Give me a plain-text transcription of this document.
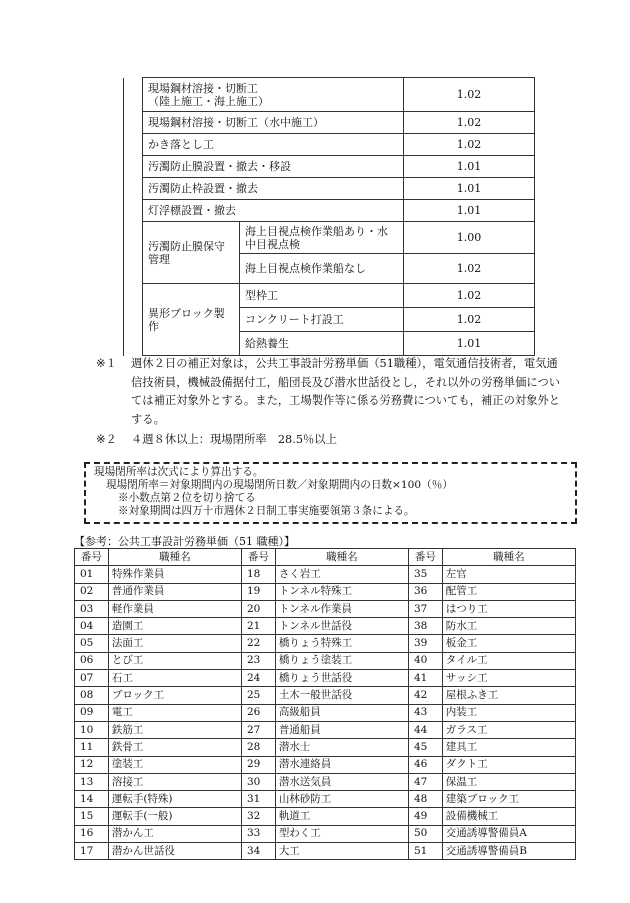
	現場鋼材溶接・切断工
（陸上施工・海上施工）		1.02
	現場鋼材溶接・切断工（水中施工）		1.02
	かき落とし工		1.02
	汚濁防止膜設置・撤去・移設		1.01
	汚濁防止枠設置・撤去		1.01
	灯浮標設置・撤去		1.01
	汚濁防止膜保守管理	海上目視点検作業船あり・水中目視点検	1.00
		海上目視点検作業船なし	1.02
	異形ブロック製作	型枠工	1.02
		コンクリート打設工	1.02
		給熱養生	1.01
※１ 週休２日の補正対象は，公共工事設計労務単価（51職種），電気通信技術者，電気通
信技術員，機械設備据付工，船団長及び潜水世話役とし，それ以外の労務単価につい
ては補正対象外とする。また，工場製作等に係る労務費についても，補正の対象外と
する。
※２ ４週８休以上：現場閉所率　28.5％以上
現場閉所率は次式により算出する。
現場閉所率＝対象期間内の現場閉所日数／対象期間内の日数×100（％）
※小数点第２位を切り捨てる
※対象期間は四万十市週休２日制工事実施要領第３条による。
【参考：公共工事設計労務単価（51 職種）】
番号	職種名	番号	職種名	番号	職種名
01	特殊作業員	18	さく岩工	35	左官
02	普通作業員	19	トンネル特殊工	36	配管工
03	軽作業員	20	トンネル作業員	37	はつり工
04	造園工	21	トンネル世話役	38	防水工
05	法面工	22	橋りょう特殊工	39	板金工
06	とび工	23	橋りょう塗装工	40	タイル工
07	石工	24	橋りょう世話役	41	サッシ工
08	ブロック工	25	土木一般世話役	42	屋根ふき工
09	電工	26	高級船員	43	内装工
10	鉄筋工	27	普通船員	44	ガラス工
11	鉄骨工	28	潜水士	45	建具工
12	塗装工	29	潜水連絡員	46	ダクト工
13	溶接工	30	潜水送気員	47	保温工
14	運転手(特殊)	31	山林砂防工	48	建築ブロック工
15	運転手(一般)	32	軌道工	49	設備機械工
16	潜かん工	33	型わく工	50	交通誘導警備員A
17	潜かん世話役	34	大工	51	交通誘導警備員B
